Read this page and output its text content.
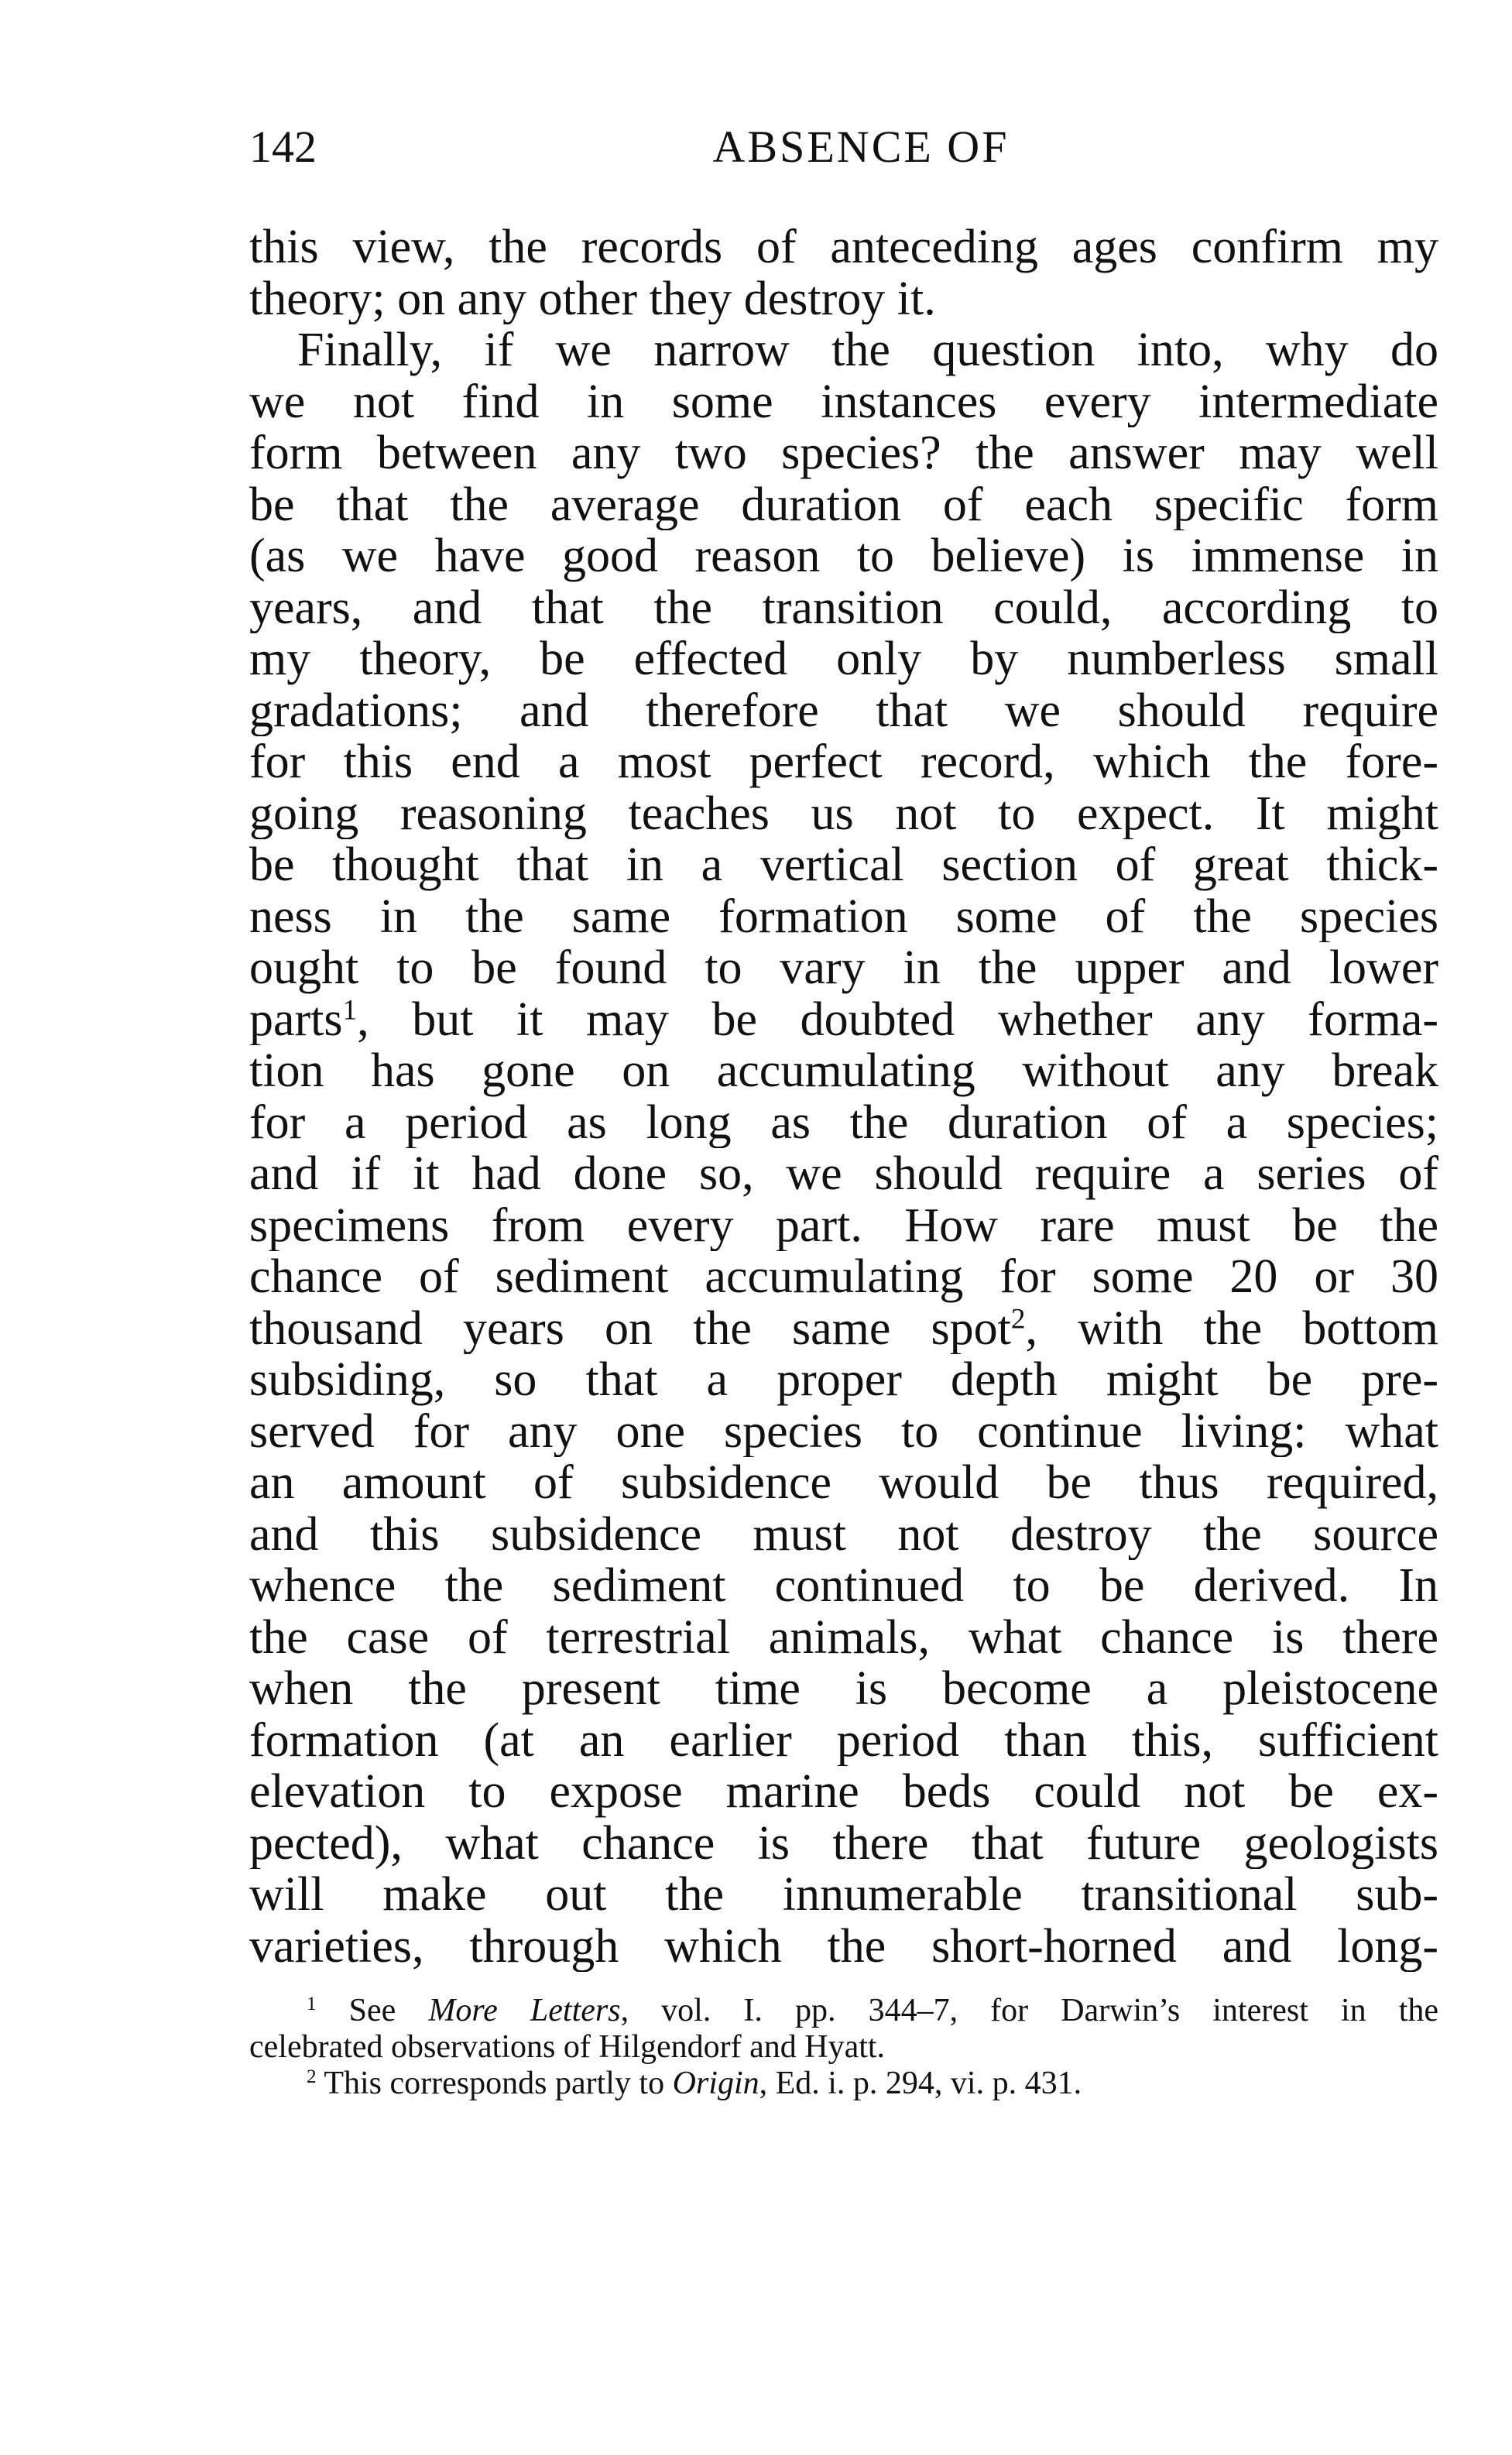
142	ABSENCE OF
this view, the records of anteceding ages confirm my
theory; on any other they destroy it.
Finally, if we narrow the question into, why do
we not find in some instances every intermediate
form between any two species? the answer may well
be that the average duration of each specific form
(as we have good reason to believe) is immense in
years, and that the transition could, according to
my theory, be effected only by numberless small
gradations; and therefore that we should require
for this end a most perfect record, which the fore-
going reasoning teaches us not to expect. It might
be thought that in a vertical section of great thick-
ness in the same formation some of the species
ought to be found to vary in the upper and lower
parts$^1$, but it may be doubted whether any forma-
tion has gone on accumulating without any break
for a period as long as the duration of a species;
and if it had done so, we should require a series of
specimens from every part. How rare must be the
chance of sediment accumulating for some 20 or 30
thousand years on the same spot$^2$, with the bottom
subsiding, so that a proper depth might be pre-
served for any one species to continue living: what
an amount of subsidence would be thus required,
and this subsidence must not destroy the source
whence the sediment continued to be derived. In
the case of terrestrial animals, what chance is there
when the present time is become a pleistocene
formation (at an earlier period than this, sufficient
elevation to expose marine beds could not be ex-
pected), what chance is there that future geologists
will make out the innumerable transitional sub-
varieties, through which the short-horned and long-
$^1$ See More Letters, vol. I. pp. 344–7, for Darwin’s interest in the
celebrated observations of Hilgendorf and Hyatt.
$^2$ This corresponds partly to Origin, Ed. i. p. 294, vi. p. 431.
